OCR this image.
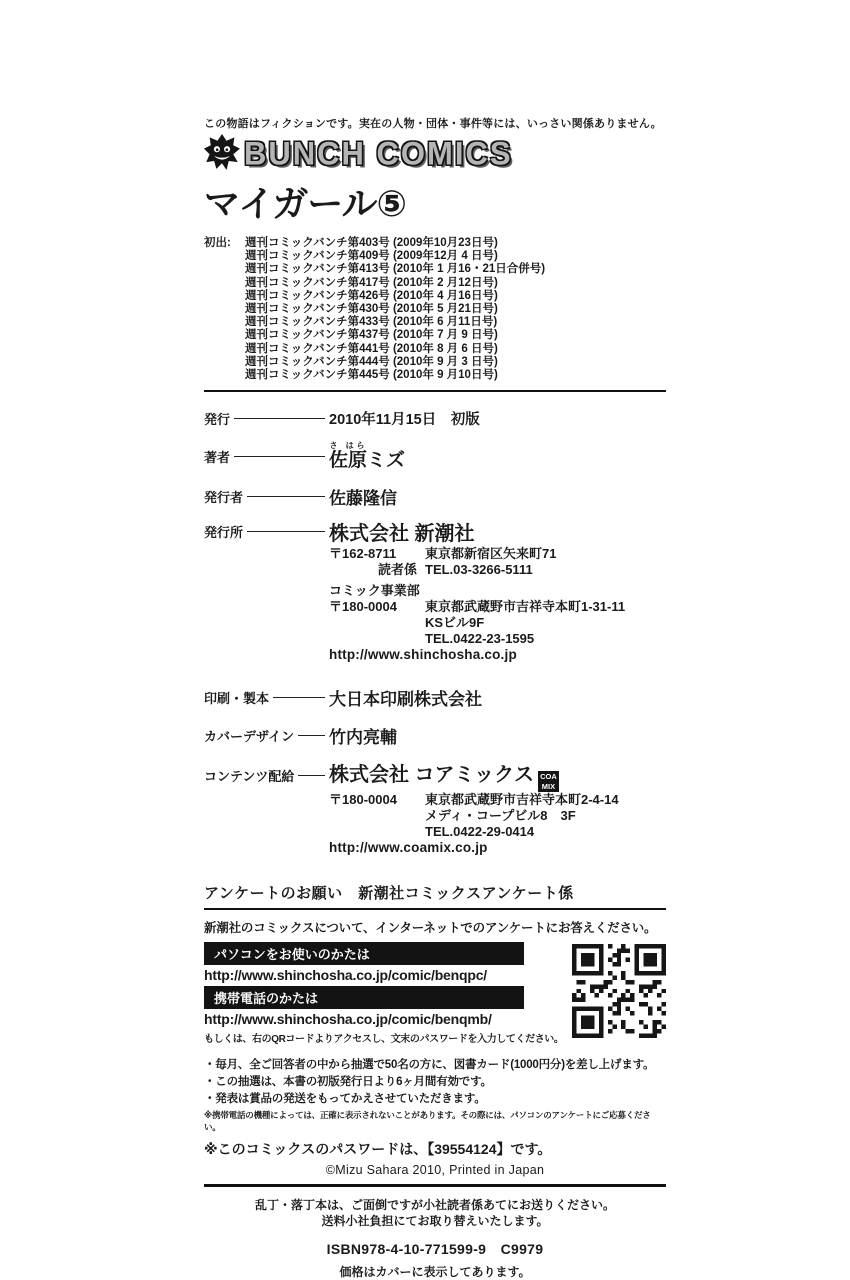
この物語はフィクションです。実在の人物・団体・事件等には、いっさい関係ありません。
BUNCH COMICS
マイガール⑤
初出:	週刊コミックバンチ第403号 (2009年10月23日号)
週刊コミックバンチ第409号 (2009年12月 4 日号)
週刊コミックバンチ第413号 (2010年 1 月16・21日合併号)
週刊コミックバンチ第417号 (2010年 2 月12日号)
週刊コミックバンチ第426号 (2010年 4 月16日号)
週刊コミックバンチ第430号 (2010年 5 月21日号)
週刊コミックバンチ第433号 (2010年 6 月11日号)
週刊コミックバンチ第437号 (2010年 7 月 9 日号)
週刊コミックバンチ第441号 (2010年 8 月 6 日号)
週刊コミックバンチ第444号 (2010年 9 月 3 日号)
週刊コミックバンチ第445号 (2010年 9 月10日号)
発行	2010年11月15日　初版
著者	佐原さ はらミズ
発行者	佐藤隆信
発行所	株式会社 新潮社
〒162-8711	東京都新宿区矢来町71
読者係 TEL.03-3266-5111
コミック事業部
〒180-0004	東京都武蔵野市吉祥寺本町1-31-11
KSビル9F
TEL.0422-23-1595
http://www.shinchosha.co.jp
印刷・製本	大日本印刷株式会社
カバーデザイン 竹内亮輔
コンテンツ配給 株式会社 コアミックス COA
MIX
〒180-0004	東京都武蔵野市吉祥寺本町2-4-14
メディ・コープビル8　3F
TEL.0422-29-0414
http://www.coamix.co.jp
アンケートのお願い　新潮社コミックスアンケート係
新潮社のコミックスについて、インターネットでのアンケートにお答えください。
パソコンをお使いのかたは
http://www.shinchosha.co.jp/comic/benqpc/
携帯電話のかたは
http://www.shinchosha.co.jp/comic/benqmb/
もしくは、右のQRコードよりアクセスし、文末のパスワードを入力してください。
・毎月、全ご回答者の中から抽選で50名の方に、図書カード(1000円分)を差し上げます。
・この抽選は、本書の初版発行日より6ヶ月間有効です。
・発表は賞品の発送をもってかえさせていただきます。
※携帯電話の機種によっては、正確に表示されないことがあります。その際には、パソコンのアンケートにご応募ください。
※このコミックスのパスワードは、【39554124】です。
©Mizu Sahara 2010, Printed in Japan
乱丁・落丁本は、ご面倒ですが小社読者係あてにお送りください。
送料小社負担にてお取り替えいたします。
ISBN978-4-10-771599-9　C9979
価格はカバーに表示してあります。
